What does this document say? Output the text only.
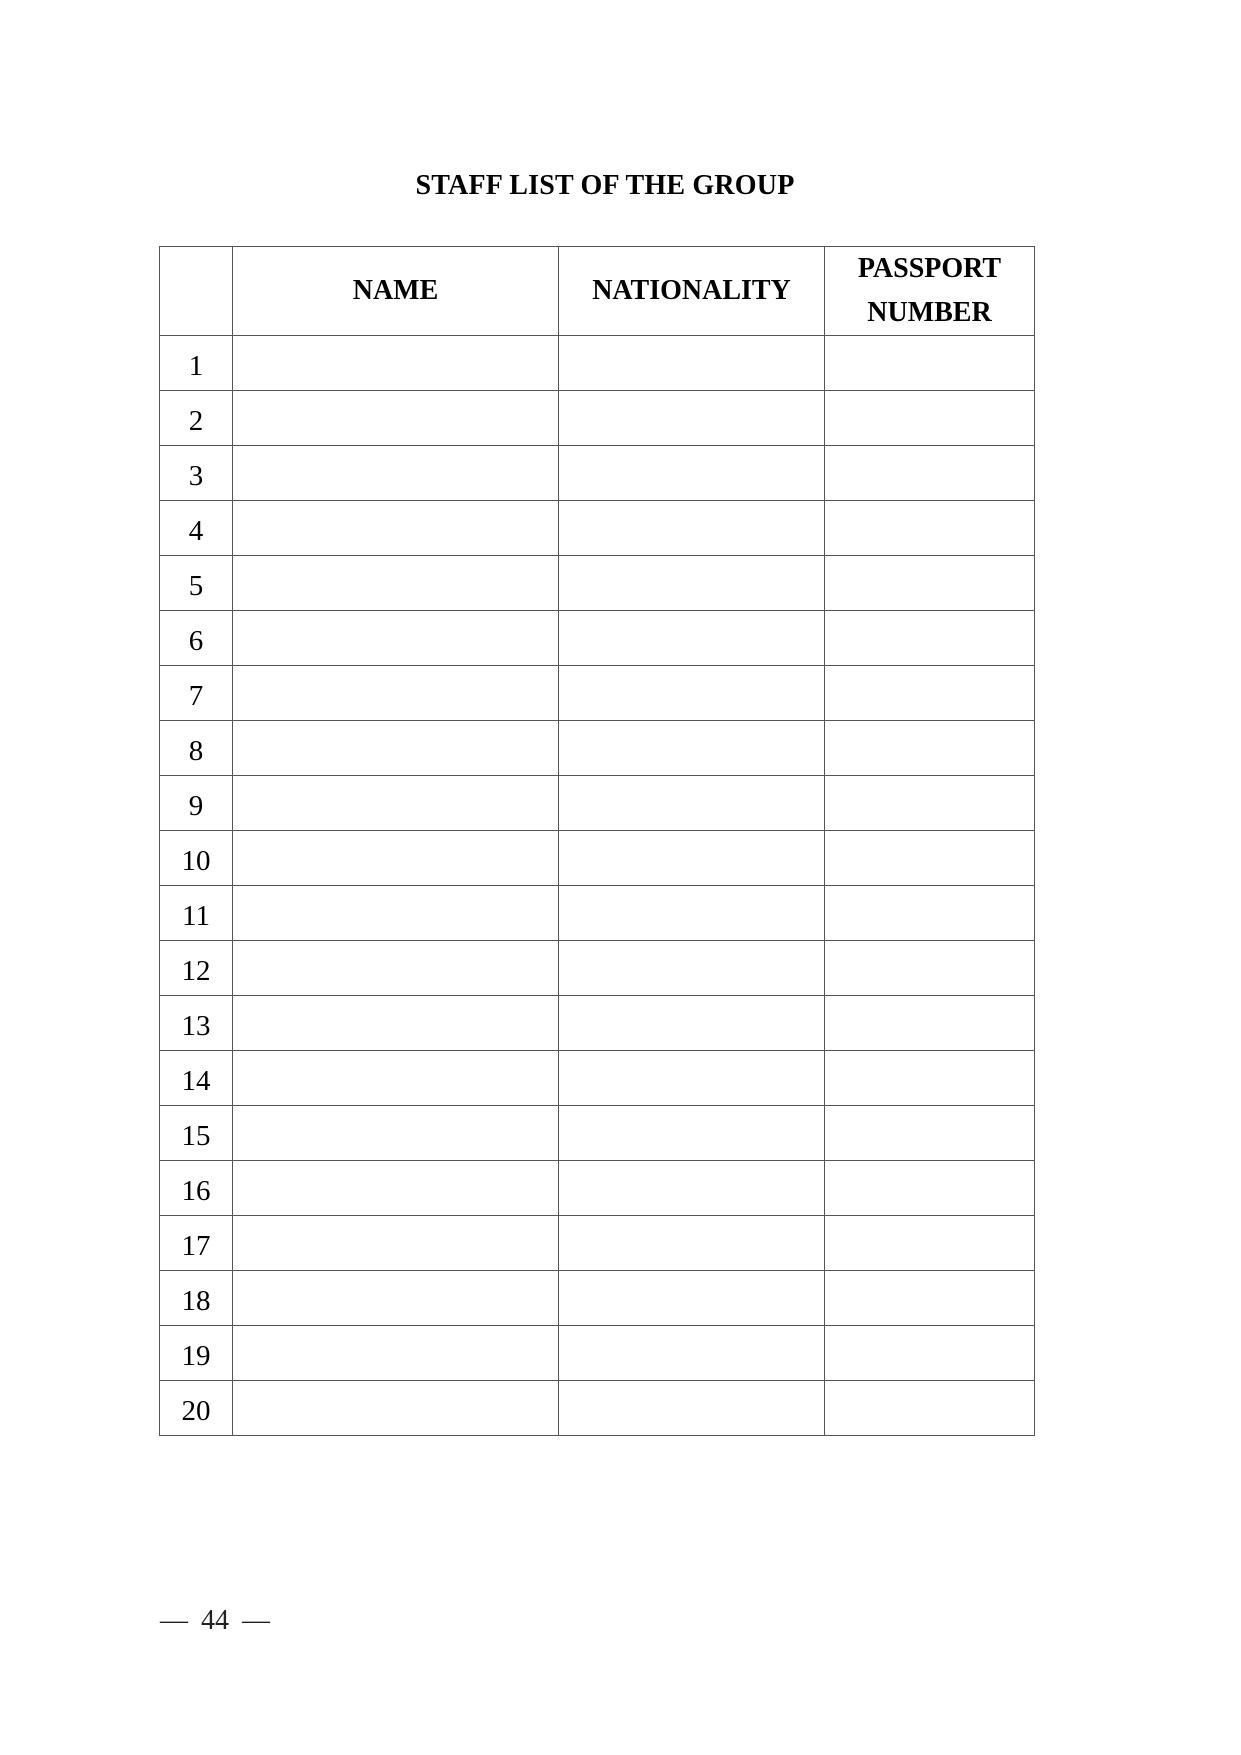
STAFF LIST OF THE GROUP
	NAME	NATIONALITY	PASSPORT NUMBER
1			
2			
3			
4			
5			
6			
7			
8			
9			
10			
11			
12			
13			
14			
15			
16			
17			
18			
19			
20			
— 44 —
